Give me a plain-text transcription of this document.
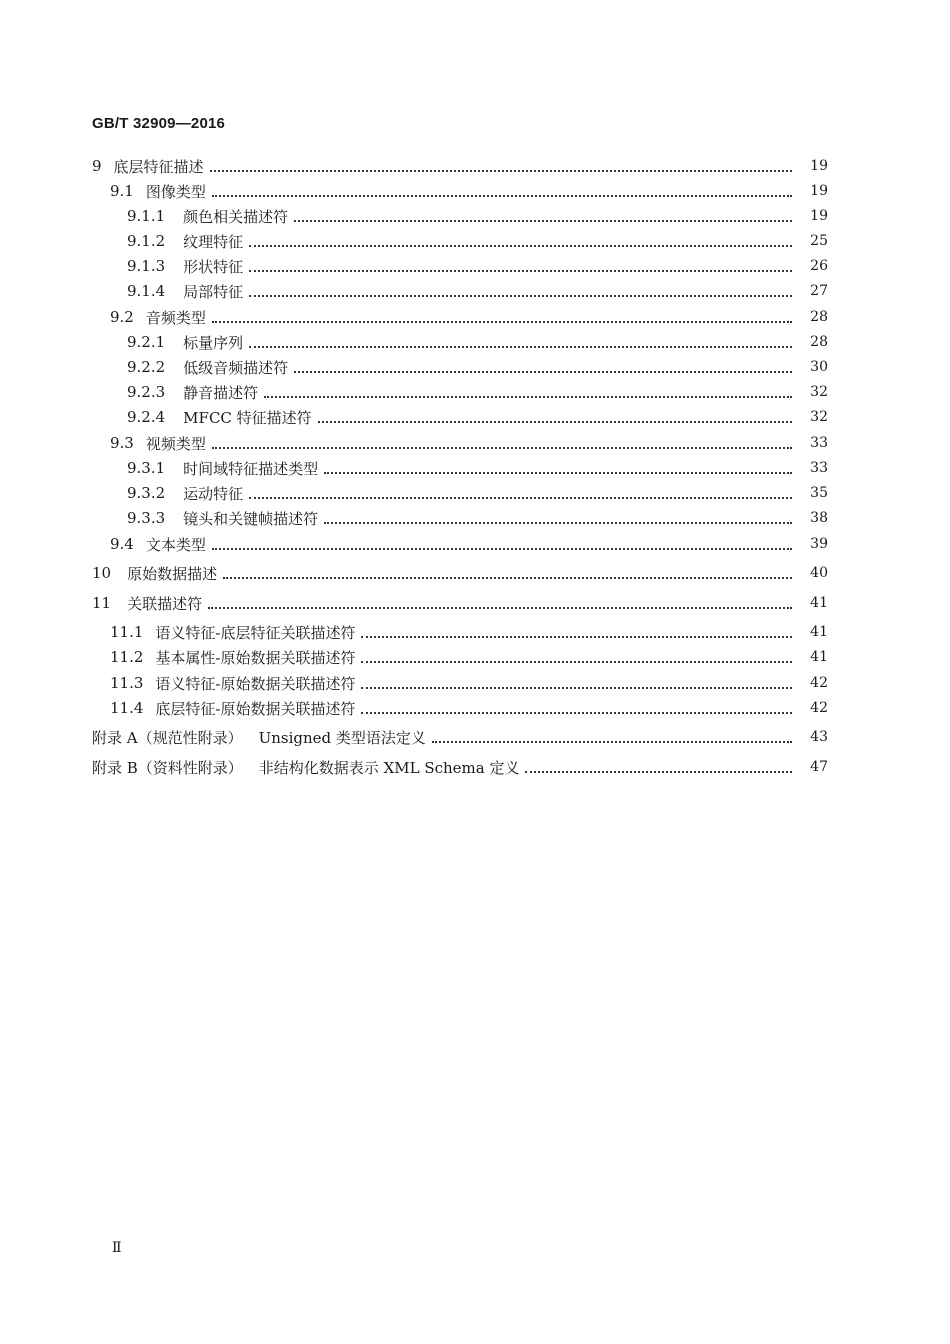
GB/T 32909—2016
9 底层特征描述	19
9.1 图像类型	19
9.1.1 颜色相关描述符	19
9.1.2 纹理特征	25
9.1.3 形状特征	26
9.1.4 局部特征	27
9.2 音频类型	28
9.2.1 标量序列	28
9.2.2 低级音频描述符	30
9.2.3 静音描述符	32
9.2.4 MFCC 特征描述符	32
9.3 视频类型	33
9.3.1 时间域特征描述类型	33
9.3.2 运动特征	35
9.3.3 镜头和关键帧描述符	38
9.4 文本类型	39
10 原始数据描述	40
11 关联描述符	41
11.1 语义特征-底层特征关联描述符	41
11.2 基本属性-原始数据关联描述符	41
11.3 语义特征-原始数据关联描述符	42
11.4 底层特征-原始数据关联描述符	42
附录 A（规范性附录） Unsigned 类型语法定义	43
附录 B（资料性附录） 非结构化数据表示 XML Schema 定义	47
Ⅱ
